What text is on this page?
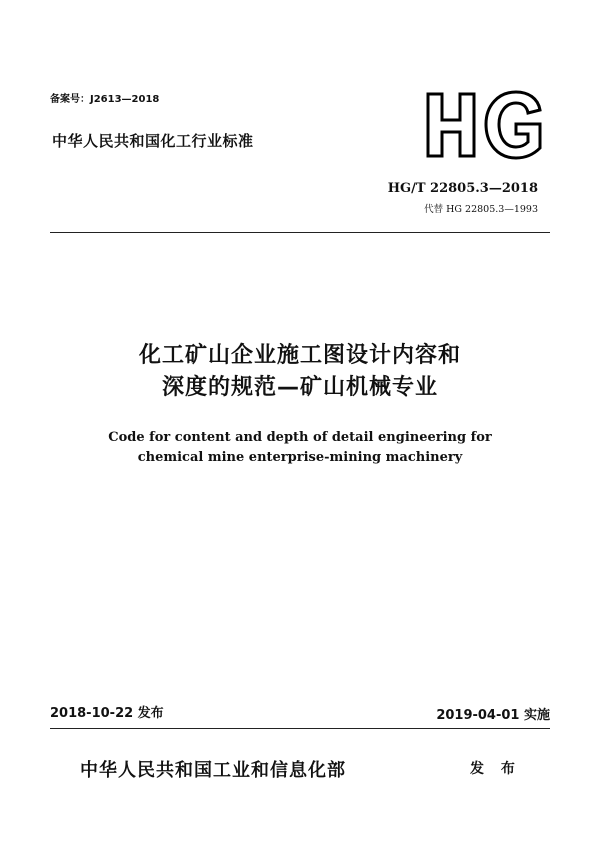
备案号：J2613—2018
中华人民共和国化工行业标准
HG/T 22805.3—2018
代替 HG 22805.3—1993
化工矿山企业施工图设计内容和
深度的规范—矿山机械专业
Code for content and depth of detail engineering for
chemical mine enterprise-mining machinery
2018-10-22 发布	2019-04-01 实施
中华人民共和国工业和信息化部	发 布
